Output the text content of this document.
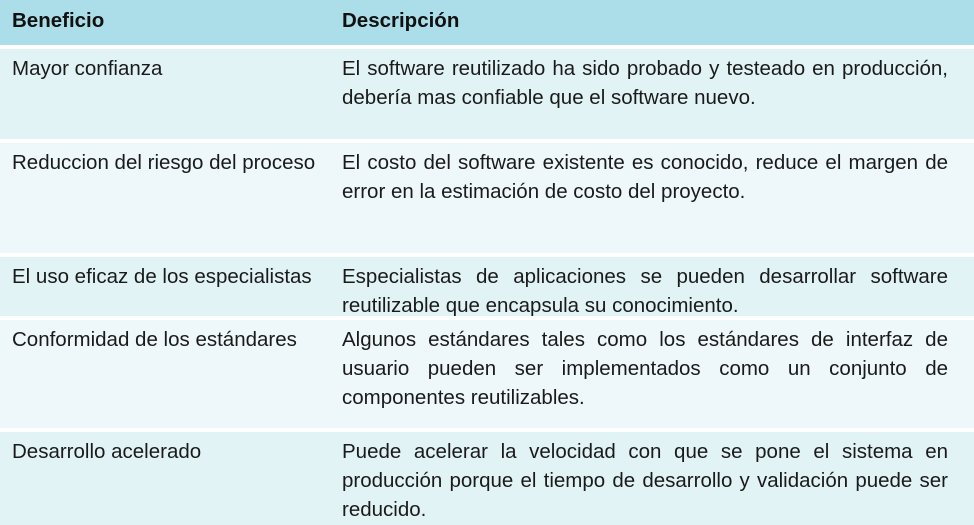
Beneficio	Descripción
Mayor confianza	El software reutilizado ha sido probado y testeado en producción, debería mas confiable que el software nuevo.
Reduccion del riesgo del proceso	El costo del software existente es conocido, reduce el margen de error en la estimación de costo del proyecto.
El uso eficaz de los especialistas	Especialistas de aplicaciones se pueden desarrollar software reutilizable que encapsula su conocimiento.
Conformidad de los estándares	Algunos estándares tales como los estándares de interfaz de usuario pueden ser implementados como un conjunto de componentes reutilizables.
Desarrollo acelerado	Puede acelerar la velocidad con que se pone el sistema en producción porque el tiempo de desarrollo y validación puede ser reducido.
